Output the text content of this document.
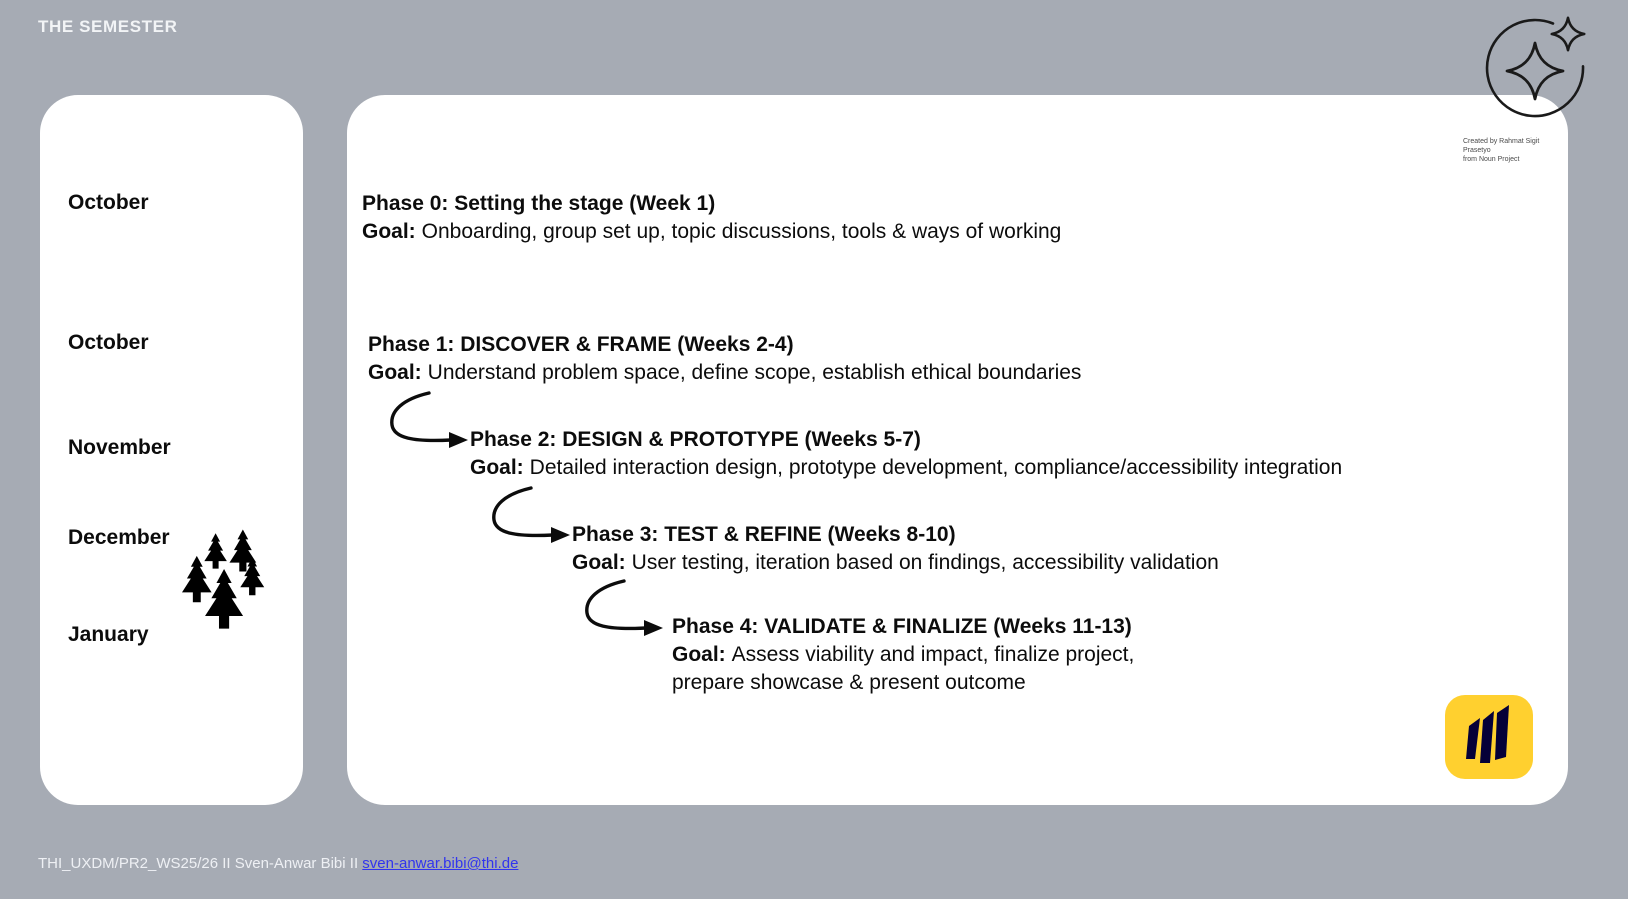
THE SEMESTER
October
October
November
December
January
Created by Rahmat Sigit Prasetyo
from Noun Project
Phase 0: Setting the stage (Week 1)
Goal: Onboarding, group set up, topic discussions, tools & ways of working
Phase 1: DISCOVER & FRAME (Weeks 2-4)
Goal: Understand problem space, define scope, establish ethical boundaries
Phase 2: DESIGN & PROTOTYPE (Weeks 5-7)
Goal: Detailed interaction design, prototype development, compliance/accessibility integration
Phase 3: TEST & REFINE (Weeks 8-10)
Goal: User testing, iteration based on findings, accessibility validation
Phase 4: VALIDATE & FINALIZE (Weeks 11-13)
Goal: Assess viability and impact, finalize project,
prepare showcase & present outcome
THI_UXDM/PR2_WS25/26 II Sven-Anwar Bibi II sven-anwar.bibi@thi.de
